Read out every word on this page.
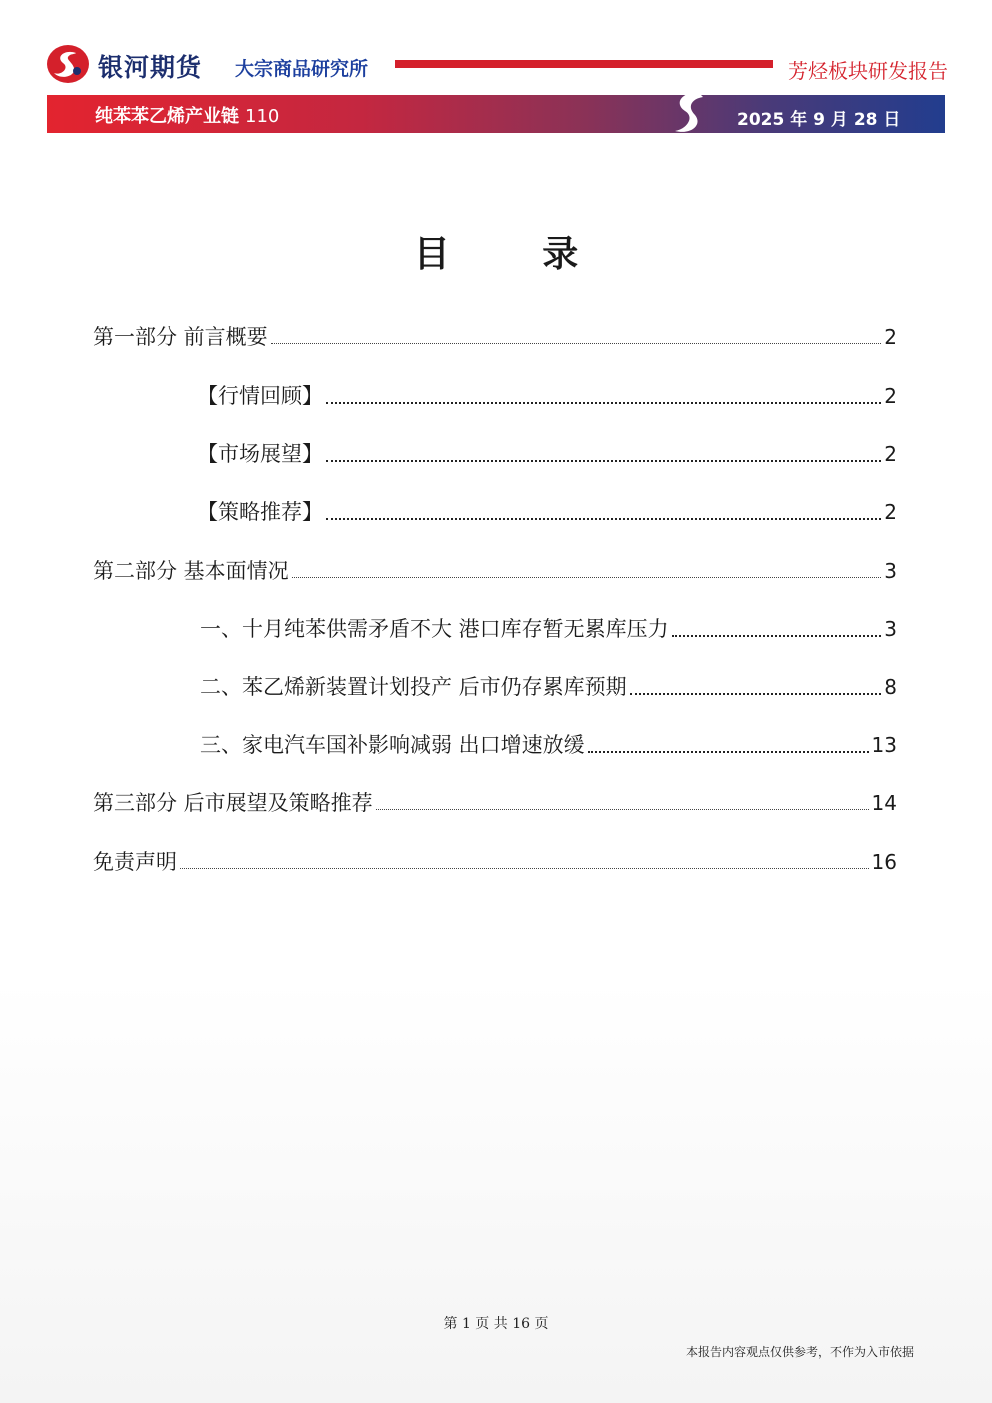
银河期货 大宗商品研究所	芳烃板块研发报告
纯苯苯乙烯产业链 110	2025 年 9 月 28 日
目 录
第一部分 前言概要	2
【行情回顾】	2
【市场展望】	2
【策略推荐】	2
第二部分 基本面情况	3
一、十月纯苯供需矛盾不大 港口库存暂无累库压力	3
二、苯乙烯新装置计划投产 后市仍存累库预期	8
三、家电汽车国补影响减弱 出口增速放缓	13
第三部分 后市展望及策略推荐	14
免责声明	16
第 1 页 共 16 页
本报告内容观点仅供参考，不作为入市依据
